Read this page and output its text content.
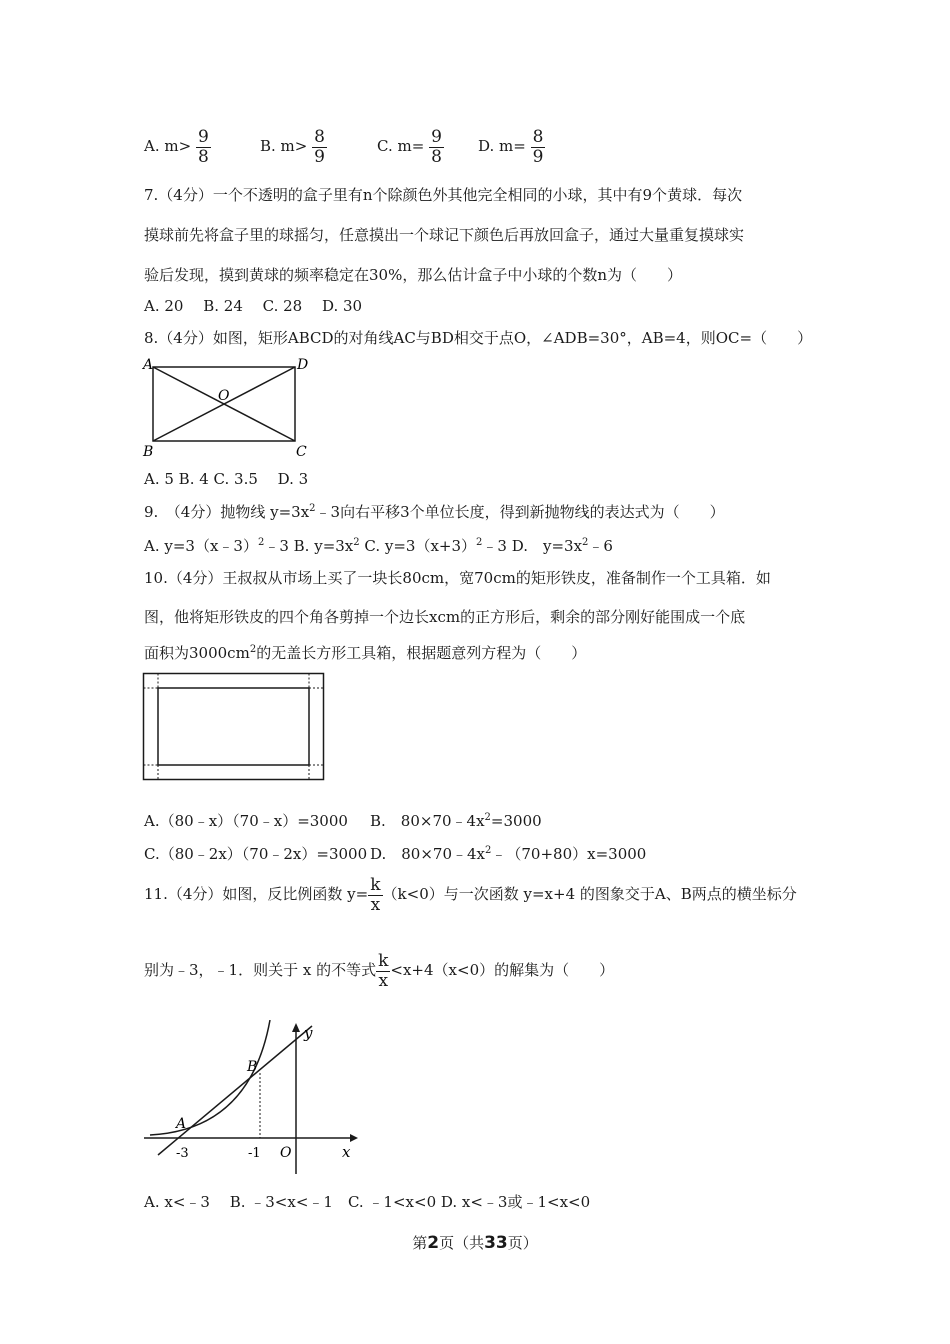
A. $m> \frac{9}{8}$	B. $m> \frac{8}{9}$	C. $m= \frac{9}{8} D$. $m= \frac{8}{9}$
7.（4分）一个不透明的盒子里有n个除颜色外其他完全相同的小球，其中有9个黄球．每次
摸球前先将盒子里的球摇匀，任意摸出一个球记下颜色后再放回盒子，通过大量重复摸球实
验后发现，摸到黄球的频率稳定在30%，那么估计盒子中小球的个数n为（　　）
A. 20　 B. 24　 C. 28　 D. 30
8.（4分）如图，矩形ABCD的对角线AC与BD相交于点O，∠ADB=30°，AB=4，则OC=（　　）
A	D
B	C
O
A. 5 B. 4 C. 3.5　 D. 3
9.　（4分）抛物线 $y=3x^2﹣3$向右平移3个单位长度，得到新抛物线的表达式为（　　）
A. y=3（x﹣3）$^2$﹣3 B. $y=3x^2$ C. $y=3(x+3)^2﹣3$ D.　$y=3x^2﹣6$
10.（4分）王叔叔从市场上买了一块长80cm，宽70cm的矩形铁皮，准备制作一个工具箱．如
图，他将矩形铁皮的四个角各剪掉一个边长xcm的正方形后，剩余的部分刚好能围成一个底
面积为$3000cm^2$的无盖长方形工具箱，根据题意列方程为（　　）
A.（80﹣x）（70﹣x）=3000 B.　$80\times 70﹣4x^2=3000$
C.（80﹣2x）（70﹣2x）=3000 D.　$80\times 70﹣4x^2﹣(70+80)x=3000$
11.（4分）如图，反比例函数 $y= \frac{k}{x} (k<0)$与一次函数 y=x+4 的图象交于A、B两点的横坐标分
别为﹣3，﹣1．则关于 x 的不等式 $\frac{k}{x} <x+4(x<0)$的解集为（　　）
y
x
O
B
A
-3	-1
A. x<﹣3　 B. ﹣3<x<﹣1　C. ﹣1<x<0 D. x<﹣3或﹣1<x<0
第2页（共33页）
